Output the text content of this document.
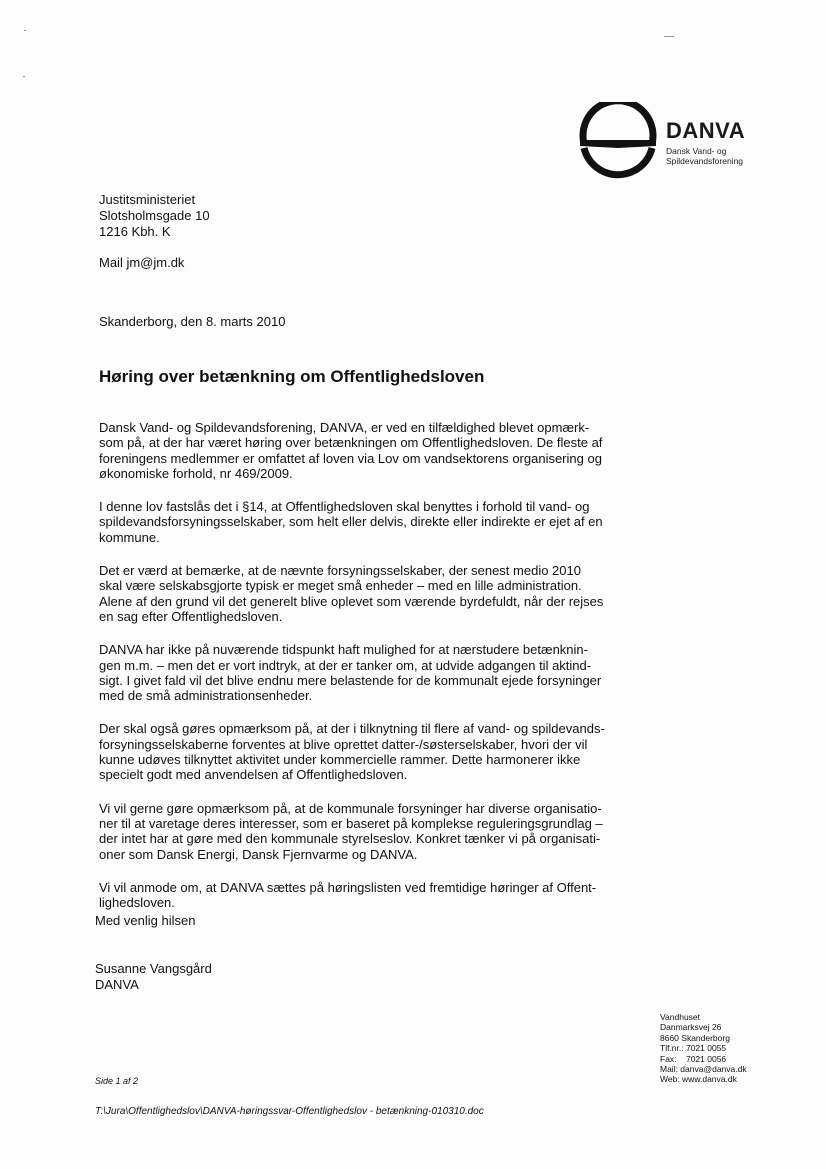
DANVA
Dansk Vand- og
Spildevandsforening
Justitsministeriet
Slotsholmsgade 10
1216 Kbh. K
Mail jm@jm.dk
Skanderborg, den 8. marts 2010
Høring over betænkning om Offentlighedsloven
Dansk Vand- og Spildevandsforening, DANVA, er ved en tilfældighed blevet opmærk-
som på, at der har været høring over betænkningen om Offentlighedsloven. De fleste af
foreningens medlemmer er omfattet af loven via Lov om vandsektorens organisering og
økonomiske forhold, nr 469/2009.
I denne lov fastslås det i §14, at Offentlighedsloven skal benyttes i forhold til vand- og
spildevandsforsyningsselskaber, som helt eller delvis, direkte eller indirekte er ejet af en
kommune.
Det er værd at bemærke, at de nævnte forsyningsselskaber, der senest medio 2010
skal være selskabsgjorte typisk er meget små enheder – med en lille administration.
Alene af den grund vil det generelt blive oplevet som værende byrdefuldt, når der rejses
en sag efter Offentlighedsloven.
DANVA har ikke på nuværende tidspunkt haft mulighed for at nærstudere betænknin-
gen m.m. – men det er vort indtryk, at der er tanker om, at udvide adgangen til aktind-
sigt. I givet fald vil det blive endnu mere belastende for de kommunalt ejede forsyninger
med de små administrationsenheder.
Der skal også gøres opmærksom på, at der i tilknytning til flere af vand- og spildevands-
forsyningsselskaberne forventes at blive oprettet datter-/søsterselskaber, hvori der vil
kunne udøves tilknyttet aktivitet under kommercielle rammer. Dette harmonerer ikke
specielt godt med anvendelsen af Offentlighedsloven.
Vi vil gerne gøre opmærksom på, at de kommunale forsyninger har diverse organisatio-
ner til at varetage deres interesser, som er baseret på komplekse reguleringsgrundlag –
der intet har at gøre med den kommunale styrelseslov. Konkret tænker vi på organisati-
oner som Dansk Energi, Dansk Fjernvarme og DANVA.
Vi vil anmode om, at DANVA sættes på høringslisten ved fremtidige høringer af Offent-
lighedsloven.
Med venlig hilsen
Susanne Vangsgård
DANVA
Vandhuset
Danmarksvej 26
8660 Skanderborg
Tlf.nr.: 7021 0055
Fax:    7021 0056
Mail: danva@danva.dk
Web: www.danva.dk
Side 1 af 2
T:\Jura\Offentlighedslov\DANVA-høringssvar-Offentlighedslov - betænkning-010310.doc
